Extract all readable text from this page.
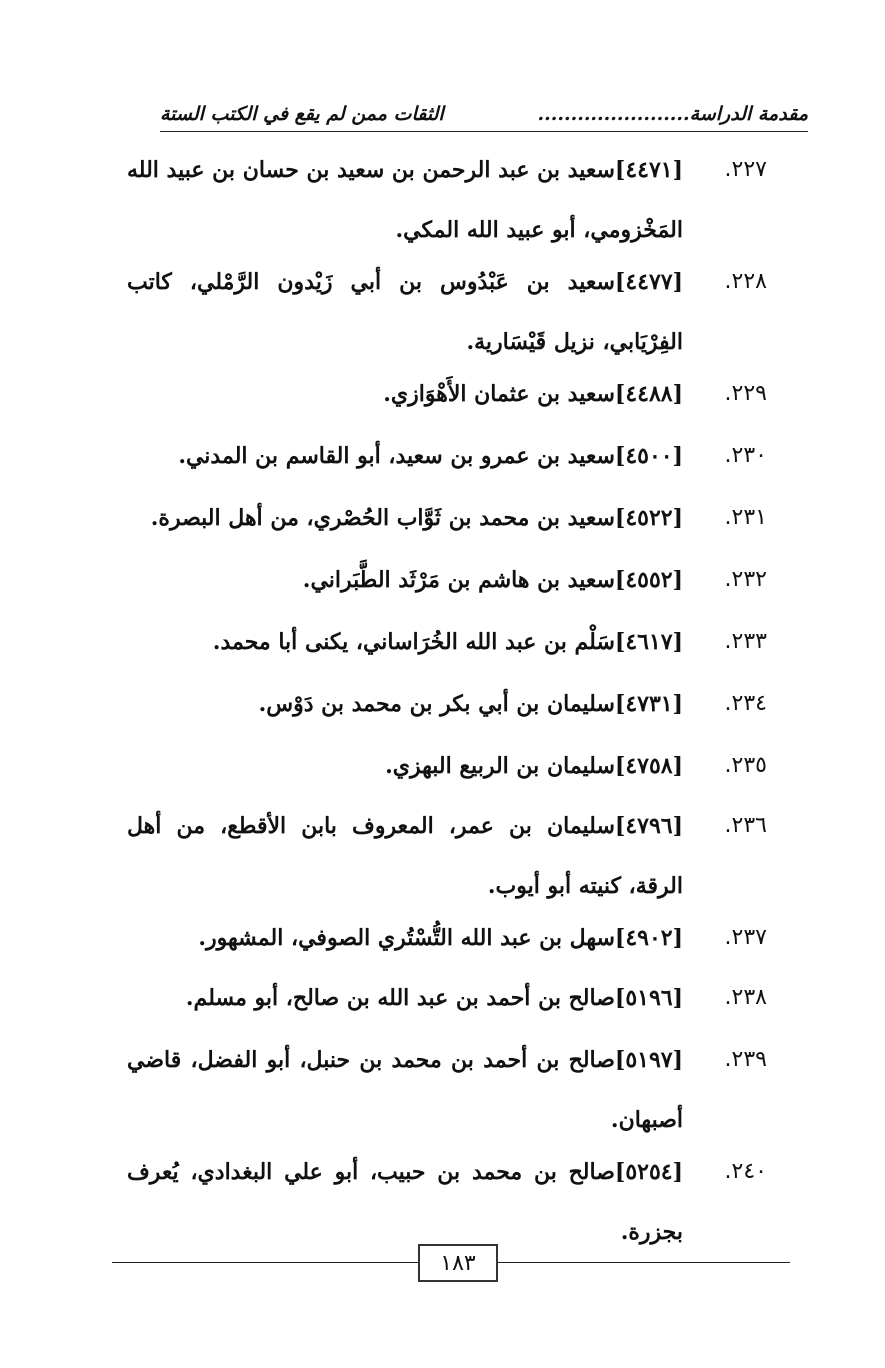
مقدمة الدراسة.......................
الثقات ممن لم يقع في الكتب الستة
٢٢٧.
[٤٤٧١]سعيد بن عبد الرحمن بن سعيد بن حسان بن عبيد الله المَخْزومي، أبو عبيد الله المكي.
٢٢٨.
[٤٤٧٧]سعيد بن عَبْدُوس بن أبي زَيْدون الرَّمْلي، كاتب الفِرْيَابي، نزيل قَيْسَارية.
٢٢٩.
[٤٤٨٨]سعيد بن عثمان الأَهْوَازي.
٢٣٠.
[٤٥٠٠]سعيد بن عمرو بن سعيد، أبو القاسم بن المدني.
٢٣١.
[٤٥٢٢]سعيد بن محمد بن ثَوَّاب الحُصْري، من أهل البصرة.
٢٣٢.
[٤٥٥٢]سعيد بن هاشم بن مَرْثَد الطَّبَراني.
٢٣٣.
[٤٦١٧]سَلْم بن عبد الله الخُرَاساني، يكنى أبا محمد.
٢٣٤.
[٤٧٣١]سليمان بن أبي بكر بن محمد بن دَوْس.
٢٣٥.
[٤٧٥٨]سليمان بن الربيع البهزي.
٢٣٦.
[٤٧٩٦]سليمان بن عمر، المعروف بابن الأقطع، من أهل الرقة، كنيته أبو أيوب.
٢٣٧.
[٤٩٠٢]سهل بن عبد الله التُّسْتُري الصوفي، المشهور.
٢٣٨.
[٥١٩٦]صالح بن أحمد بن عبد الله بن صالح، أبو مسلم.
٢٣٩.
[٥١٩٧]صالح بن أحمد بن محمد بن حنبل، أبو الفضل، قاضي أصبهان.
٢٤٠.
[٥٢٥٤]صالح بن محمد بن حبيب، أبو علي البغدادي، يُعرف بجزرة.
١٨٣
